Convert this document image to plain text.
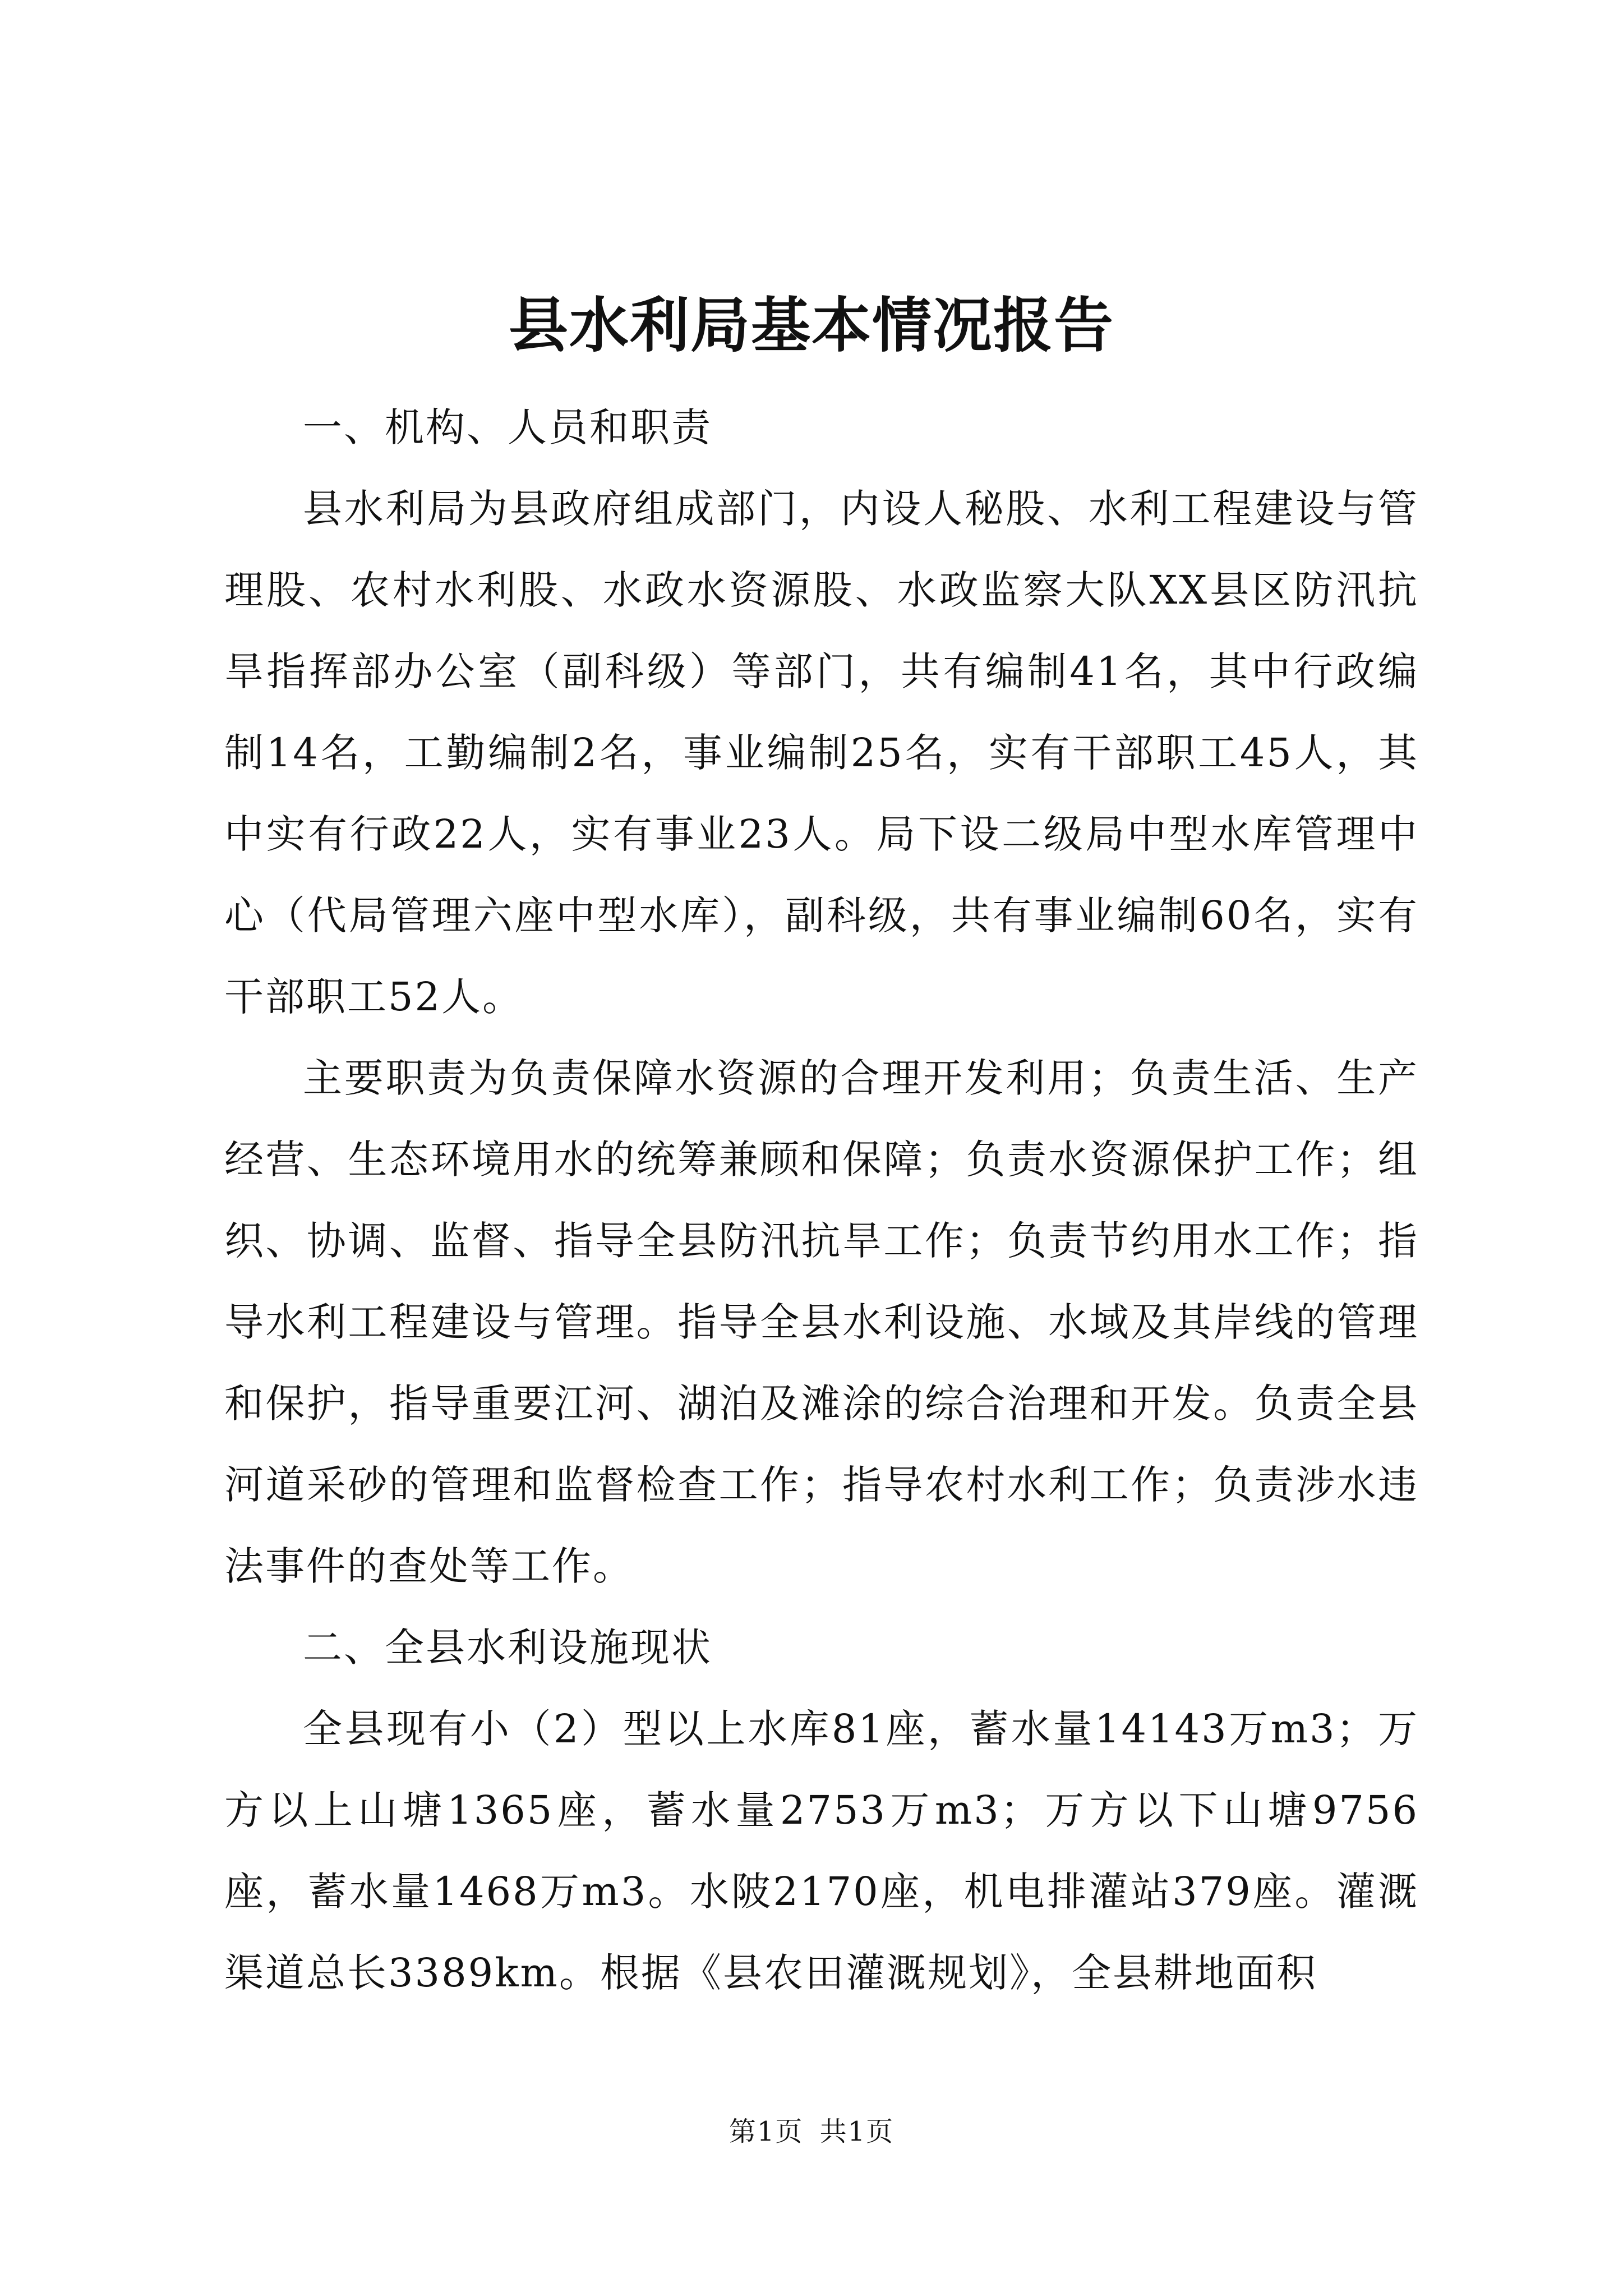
县水利局基本情况报告

一、机构、人员和职责

县水利局为县政府组成部门，内设人秘股、水利工程建设与管理股、农村水利股、水政水资源股、水政监察大队XX县区防汛抗旱指挥部办公室（副科级）等部门，共有编制41名，其中行政编制14名，工勤编制2名，事业编制25名，实有干部职工45人，其中实有行政22人，实有事业23人。局下设二级局中型水库管理中心（代局管理六座中型水库），副科级，共有事业编制60名，实有干部职工52人。

主要职责为负责保障水资源的合理开发利用；负责生活、生产经营、生态环境用水的统筹兼顾和保障；负责水资源保护工作；组织、协调、监督、指导全县防汛抗旱工作；负责节约用水工作；指导水利工程建设与管理。指导全县水利设施、水域及其岸线的管理和保护，指导重要江河、湖泊及滩涂的综合治理和开发。负责全县河道采砂的管理和监督检查工作；指导农村水利工作；负责涉水违法事件的查处等工作。

二、全县水利设施现状

全县现有小（2）型以上水库81座，蓄水量14143万m3；万方以上山塘1365座，蓄水量2753万m3；万方以下山塘9756座，蓄水量1468万m3。水陂2170座，机电排灌站379座。灌溉渠道总长3389km。根据《县农田灌溉规划》，全县耕地面积

第1页 共1页
